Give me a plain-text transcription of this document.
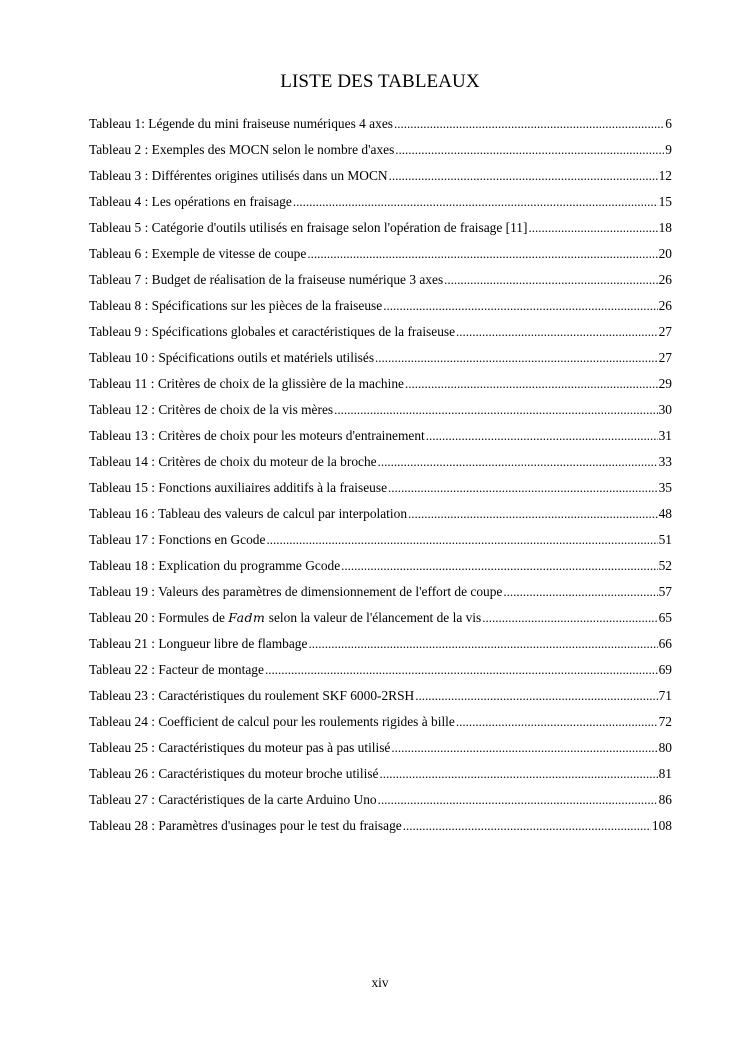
LISTE DES TABLEAUX
Tableau 1: Légende du mini fraiseuse numériques 4 axes .....	6
Tableau 2 : Exemples des MOCN selon le nombre d'axes .....	9
Tableau 3 : Différentes origines utilisés dans un MOCN .....	12
Tableau 4 : Les opérations en fraisage .....	15
Tableau 5 : Catégorie d'outils utilisés en fraisage selon l'opération de fraisage [11] .....	18
Tableau 6 : Exemple de vitesse de coupe .....	20
Tableau 7 : Budget de réalisation de la fraiseuse numérique 3 axes .....	26
Tableau 8 : Spécifications sur les pièces de la fraiseuse .....	26
Tableau 9 : Spécifications globales et caractéristiques de la fraiseuse .....	27
Tableau 10 : Spécifications outils et matériels utilisés .....	27
Tableau 11 : Critères de choix de la glissière de la machine .....	29
Tableau 12 : Critères de choix de la vis mères .....	30
Tableau 13 : Critères de choix pour les moteurs d'entrainement .....	31
Tableau 14 : Critères de choix du moteur de la broche .....	33
Tableau 15 : Fonctions auxiliaires additifs à la fraiseuse .....	35
Tableau 16 : Tableau des valeurs de calcul par interpolation .....	48
Tableau 17 : Fonctions en Gcode .....	51
Tableau 18 : Explication du programme Gcode .....	52
Tableau 19 : Valeurs des paramètres de dimensionnement de l'effort de coupe .....	57
Tableau 20 : Formules de Fadm selon la valeur de l'élancement de la vis .....	65
Tableau 21 : Longueur libre de flambage .....	66
Tableau 22 : Facteur de montage .....	69
Tableau 23 : Caractéristiques du roulement SKF 6000-2RSH .....	71
Tableau 24 : Coefficient de calcul pour les roulements rigides à bille .....	72
Tableau 25 : Caractéristiques du moteur pas à pas utilisé .....	80
Tableau 26 : Caractéristiques du moteur broche utilisé .....	81
Tableau 27 : Caractéristiques de la carte Arduino Uno .....	86
Tableau 28 : Paramètres d'usinages pour le test du fraisage .....	108
xiv
